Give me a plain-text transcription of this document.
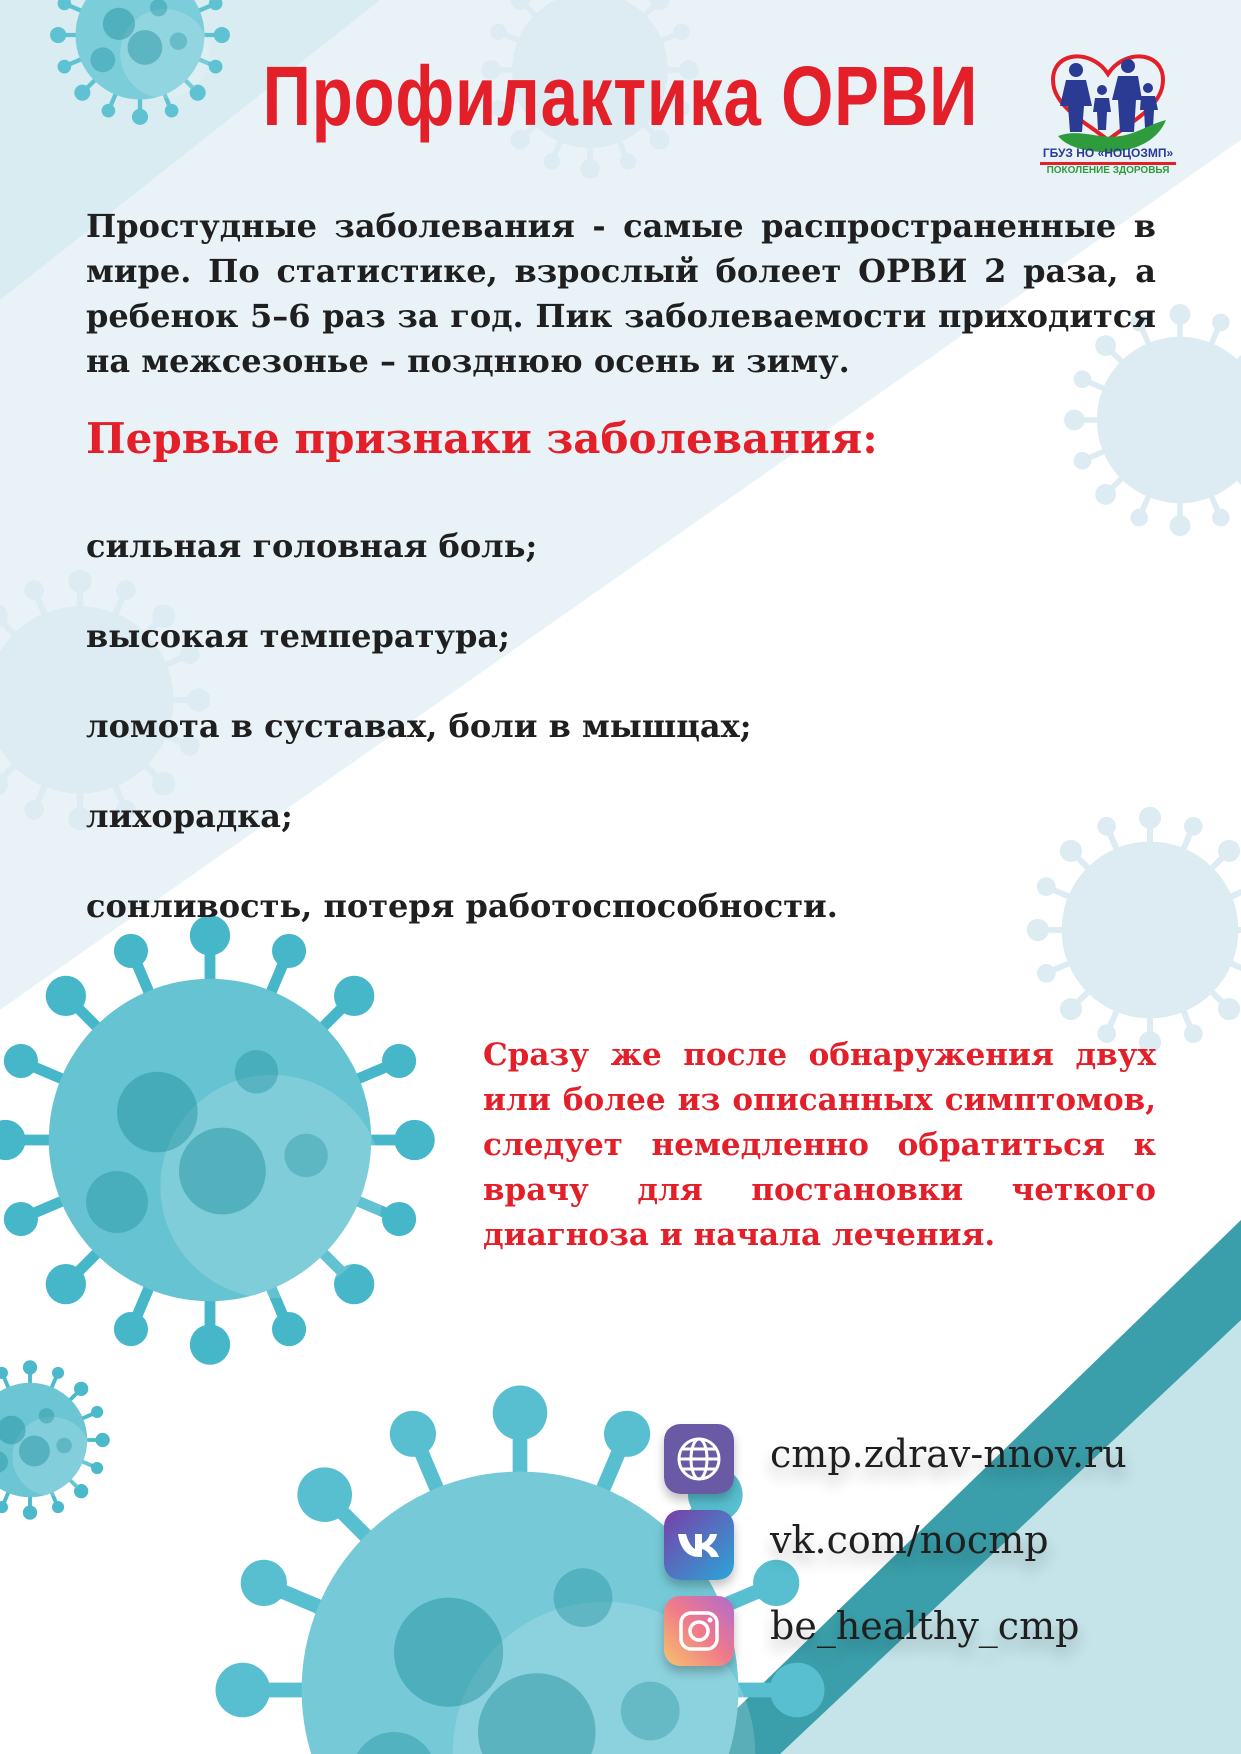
Профилактика ОРВИ
ГБУЗ НО «НОЦОЗМП»
ПОКОЛЕНИЕ ЗДОРОВЬЯ

Простудные заболевания - самые распространенные в мире. По статистике, взрослый болеет ОРВИ 2 раза, а ребенок 5–6 раз за год. Пик заболеваемости приходится на межсезонье – позднюю осень и зиму.

Первые признаки заболевания:
сильная головная боль;
высокая температура;
ломота в суставах, боли в мышцах;
лихорадка;
сонливость, потеря работоспособности.

Сразу же после обнаружения двух или более из описанных симптомов, следует немедленно обратиться к врачу для постановки четкого диагноза и начала лечения.

cmp.zdrav-nnov.ru
vk.com/nocmp
be_healthy_cmp
